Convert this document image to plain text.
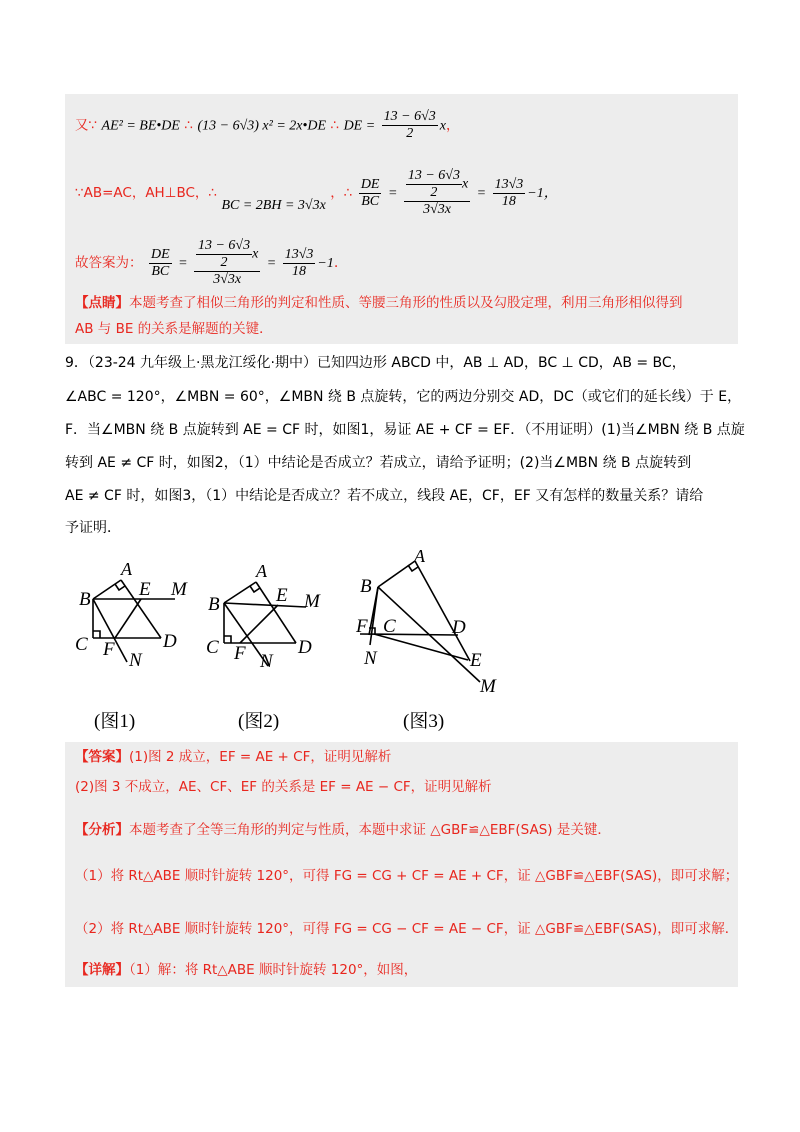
又∵ AE² = BE•DE ∴ (13 − 6√3) x² = 2x•DE ∴ DE = $\frac{13 - 6√3}{2}$ x，
∵AB=AC，AH⊥BC，∴ BC = 2BH = 3√3x ，∴ $\frac{DE}{BC} = \frac{\frac{13 - 6√3}{2} x}{3√3x} = \frac{13√3}{18} -1$，
故答案为： $\frac{DE}{BC} = \frac{\frac{13 - 6√3}{2} x}{3√3x} = \frac{13√3}{18} -1$.
【点睛】本题考查了相似三角形的判定和性质、等腰三角形的性质以及勾股定理，利用三角形相似得到
AB 与 BE 的关系是解题的关键．
9．（23-24 九年级上·黑龙江绥化·期中）已知四边形 ABCD 中，AB ⊥ AD，BC ⊥ CD，AB = BC，
∠ABC = 120°，∠MBN = 60°，∠MBN 绕 B 点旋转，它的两边分别交 AD，DC（或它们的延长线）于 E，
F．当∠MBN 绕 B 点旋转到 AE = CF 时，如图1，易证 AE + CF = EF．（不用证明）(1)当∠MBN 绕 B 点旋
转到 AE ≠ CF 时，如图2，（1）中结论是否成立？若成立，请给予证明；(2)当∠MBN 绕 B 点旋转到
AE ≠ CF 时，如图3，（1）中结论是否成立？若不成立，线段 AE，CF，EF 又有怎样的数量关系？请给
予证明．
B
A
E M
C F	D
N
(图1)
B
A
E M
C F	D
N
(图2)
B
A
F C	D
E
N
M
(图3)
【答案】(1)图 2 成立，EF = AE + CF，证明见解析
(2)图 3 不成立，AE、CF、EF 的关系是 EF = AE − CF，证明见解析
【分析】本题考查了全等三角形的判定与性质，本题中求证 △GBF≌△EBF(SAS) 是关键．
（1）将 Rt△ABE 顺时针旋转 120°，可得 FG = CG + CF = AE + CF，证 △GBF≌△EBF(SAS)，即可求解；
（2）将 Rt△ABE 顺时针旋转 120°，可得 FG = CG − CF = AE − CF，证 △GBF≌△EBF(SAS)，即可求解．
【详解】（1）解：将 Rt△ABE 顺时针旋转 120°，如图，
